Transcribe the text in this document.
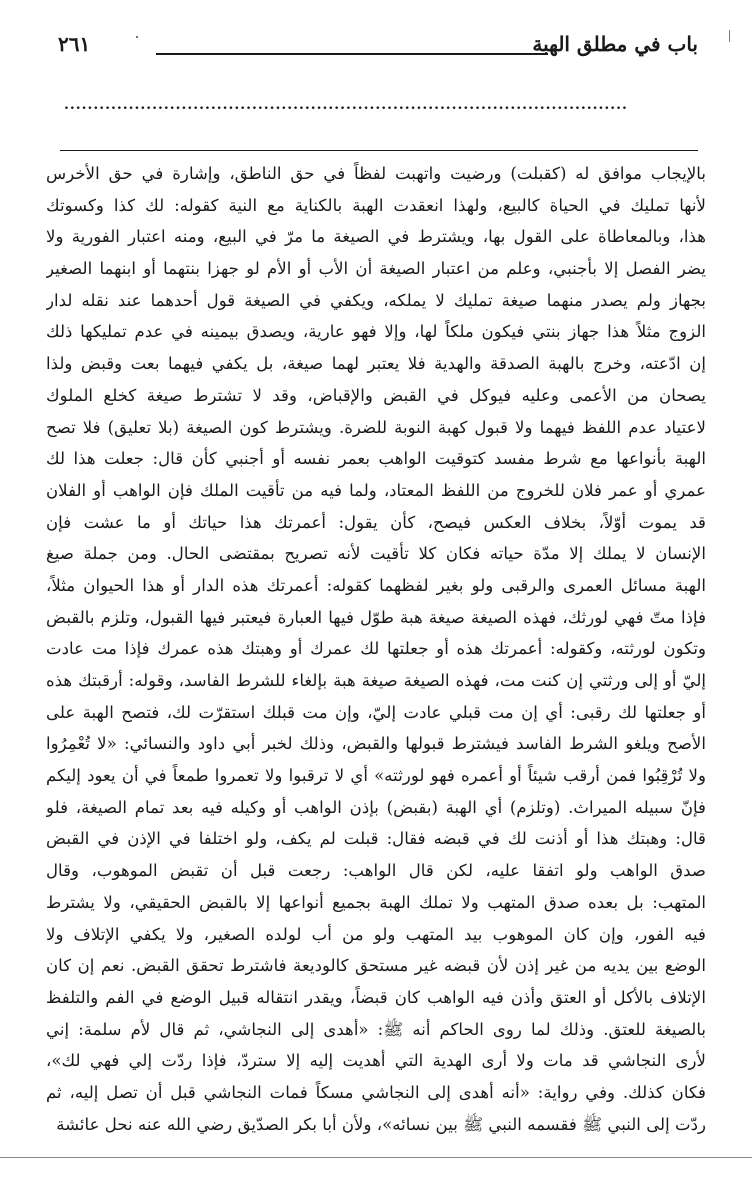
باب في مطلق الهبة
٢٦١
................................................................................................
بالإيجاب موافق له (كقبلت) ورضيت واتهبت لفظاً في حق الناطق، وإشارة في حق الأخرس
لأنها تمليك في الحياة كالبيع، ولهذا انعقدت الهبة بالكناية مع النية كقوله: لك كذا وكسوتك
هذا، وبالمعاطاة على القول بها، ويشترط في الصيغة ما مرّ في البيع، ومنه اعتبار الفورية ولا
يضر الفصل إلا بأجنبي، وعلم من اعتبار الصيغة أن الأب أو الأم لو جهزا بنتهما أو ابنهما الصغير
بجهاز ولم يصدر منهما صيغة تمليك لا يملكه، ويكفي في الصيغة قول أحدهما عند نقله لدار
الزوج مثلاً هذا جهاز بنتي فيكون ملكاً لها، وإلا فهو عارية، ويصدق بيمينه في عدم تمليكها ذلك
إن ادّعته، وخرج بالهبة الصدقة والهدية فلا يعتبر لهما صيغة، بل يكفي فيهما بعت وقبض ولذا
يصحان من الأعمى وعليه فيوكل في القبض والإقباض، وقد لا تشترط صيغة كخلع الملوك
لاعتياد عدم اللفظ فيهما ولا قبول كهبة النوبة للضرة. ويشترط كون الصيغة (بلا تعليق) فلا تصح
الهبة بأنواعها مع شرط مفسد كتوقيت الواهب بعمر نفسه أو أجنبي كأن قال: جعلت هذا لك
عمري أو عمر فلان للخروج من اللفظ المعتاد، ولما فيه من تأقيت الملك فإن الواهب أو الفلان
قد يموت أوّلاً، بخلاف العكس فيصح، كأن يقول: أعمرتك هذا حياتك أو ما عشت فإن
الإنسان لا يملك إلا مدّة حياته فكان كلا تأقيت لأنه تصريح بمقتضى الحال. ومن جملة صيغ
الهبة مسائل العمرى والرقبى ولو بغير لفظهما كقوله: أعمرتك هذه الدار أو هذا الحيوان مثلاً،
فإذا متّ فهي لورثك، فهذه الصيغة صيغة هبة طوّل فيها العبارة فيعتبر فيها القبول، وتلزم بالقبض
وتكون لورثته، وكقوله: أعمرتك هذه أو جعلتها لك عمرك أو وهبتك هذه عمرك فإذا مت عادت
إليّ أو إلى ورثتي إن كنت مت، فهذه الصيغة صيغة هبة بإلغاء للشرط الفاسد، وقوله: أرقبتك هذه
أو جعلتها لك رقبى: أي إن مت قبلي عادت إليّ، وإن مت قبلك استقرّت لك، فتصح الهبة على
الأصح ويلغو الشرط الفاسد فيشترط قبولها والقبض، وذلك لخبر أبي داود والنسائي: «لا تُعْمِرُوا
ولا تُرْقِبُوا فمن أرقب شيئاً أو أعمره فهو لورثته» أي لا ترقبوا ولا تعمروا طمعاً في أن يعود إليكم
فإنّ سبيله الميراث. (وتلزم) أي الهبة (بقبض) بإذن الواهب أو وكيله فيه بعد تمام الصيغة، فلو
قال: وهبتك هذا أو أذنت لك في قبضه فقال: قبلت لم يكف، ولو اختلفا في الإذن في القبض
صدق الواهب ولو اتفقا عليه، لكن قال الواهب: رجعت قبل أن تقبض الموهوب، وقال
المتهب: بل بعده صدق المتهب ولا تملك الهبة بجميع أنواعها إلا بالقبض الحقيقي، ولا يشترط
فيه الفور، وإن كان الموهوب بيد المتهب ولو من أب لولده الصغير، ولا يكفي الإتلاف ولا
الوضع بين يديه من غير إذن لأن قبضه غير مستحق كالوديعة فاشترط تحقق القبض. نعم إن كان
الإتلاف بالأكل أو العتق وأذن فيه الواهب كان قبضاً، ويقدر انتقاله قبيل الوضع في الفم والتلفظ
بالصيغة للعتق. وذلك لما روى الحاكم أنه ﷺ: «أهدى إلى النجاشي، ثم قال لأم سلمة: إني
لأرى النجاشي قد مات ولا أرى الهدية التي أهديت إليه إلا ستردّ، فإذا ردّت إلي فهي لك»،
فكان كذلك. وفي رواية: «أنه أهدى إلى النجاشي مسكاً فمات النجاشي قبل أن تصل إليه، ثم
ردّت إلى النبي ﷺ فقسمه النبي ﷺ بين نسائه»، ولأن أبا بكر الصدّيق رضي الله عنه نحل عائشة
